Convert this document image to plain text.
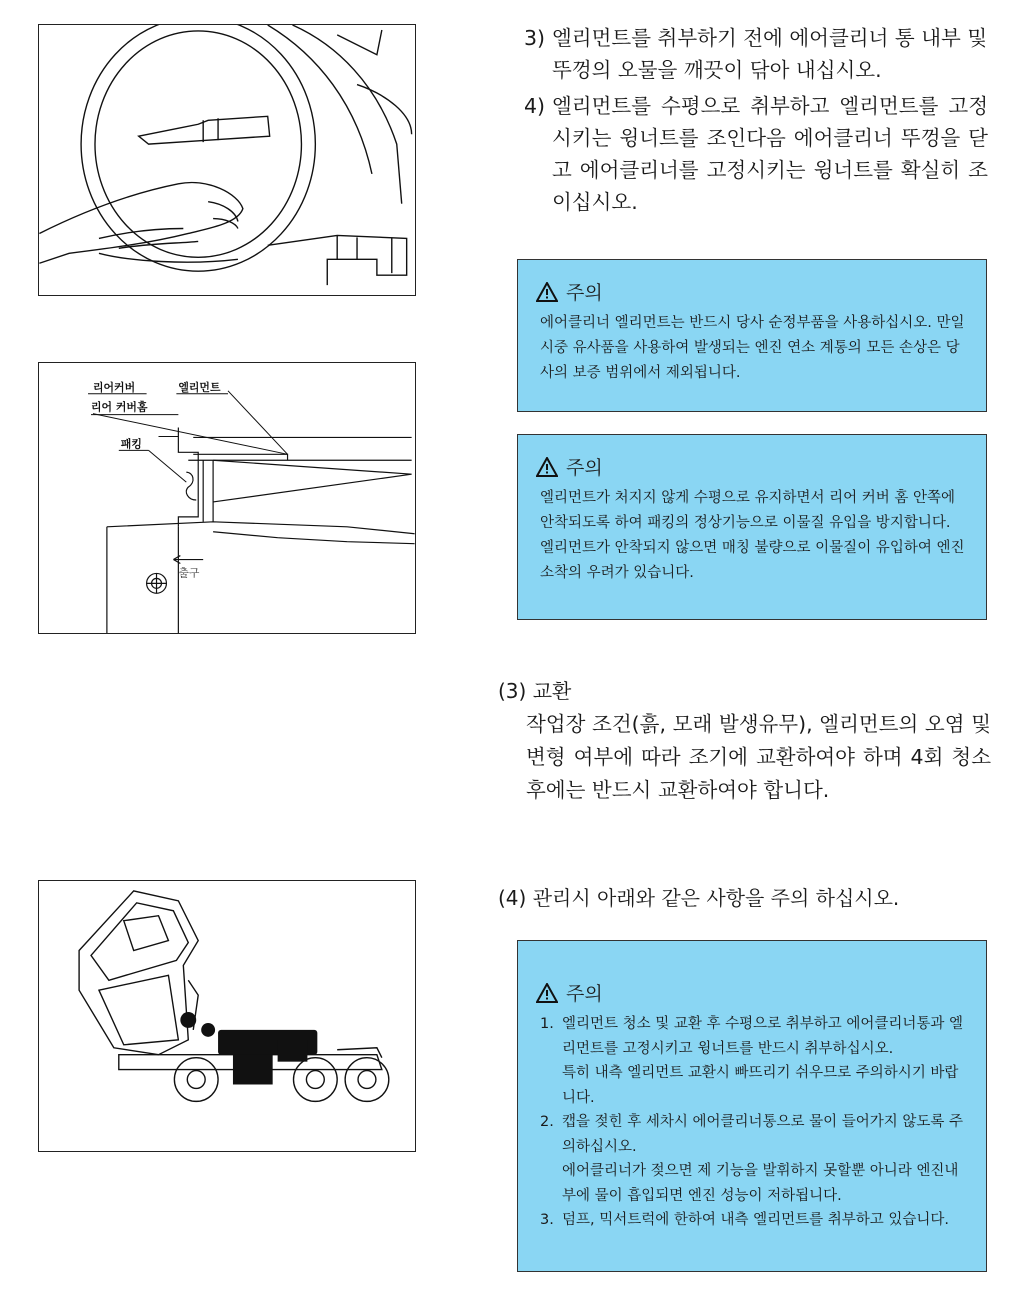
리어커버	엘리먼트
리어 커버홈
패킹
출구
3) 엘리먼트를 취부하기 전에 에어클리너 통 내부 및 뚜껑의 오물을 깨끗이 닦아 내십시오.
4) 엘리먼트를 수평으로 취부하고 엘리먼트를 고정시키는 윙너트를 조인다음 에어클리너 뚜껑을 닫고 에어클리너를 고정시키는 윙너트를 확실히 조이십시오.
주의
에어클리너 엘리먼트는 반드시 당사 순정부품을 사용하십시오. 만일 시중 유사품을 사용하여 발생되는 엔진 연소 계통의 모든 손상은 당사의 보증 범위에서 제외됩니다.
주의
엘리먼트가 처지지 않게 수평으로 유지하면서 리어 커버 홈 안쪽에 안착되도록 하여 패킹의 정상기능으로 이물질 유입을 방지합니다. 엘리먼트가 안착되지 않으면 매칭 불량으로 이물질이 유입하여 엔진 소착의 우려가 있습니다.
(3) 교환
작업장 조건(흙, 모래 발생유무), 엘리먼트의 오염 및 변형 여부에 따라 조기에 교환하여야 하며 4회 청소후에는 반드시 교환하여야 합니다.
(4) 관리시 아래와 같은 사항을 주의 하십시오.
주의
1. 엘리먼트 청소 및 교환 후 수평으로 취부하고 에어클리너통과 엘리먼트를 고정시키고 윙너트를 반드시 취부하십시오.
특히 내측 엘리먼트 교환시 빠뜨리기 쉬우므로 주의하시기 바랍니다.
2. 캡을 젖힌 후 세차시 에어클리너통으로 물이 들어가지 않도록 주의하십시오.
에어클리너가 젖으면 제 기능을 발휘하지 못할뿐 아니라 엔진내부에 물이 흡입되면 엔진 성능이 저하됩니다.
3. 덤프, 믹서트럭에 한하여 내측 엘리먼트를 취부하고 있습니다.
